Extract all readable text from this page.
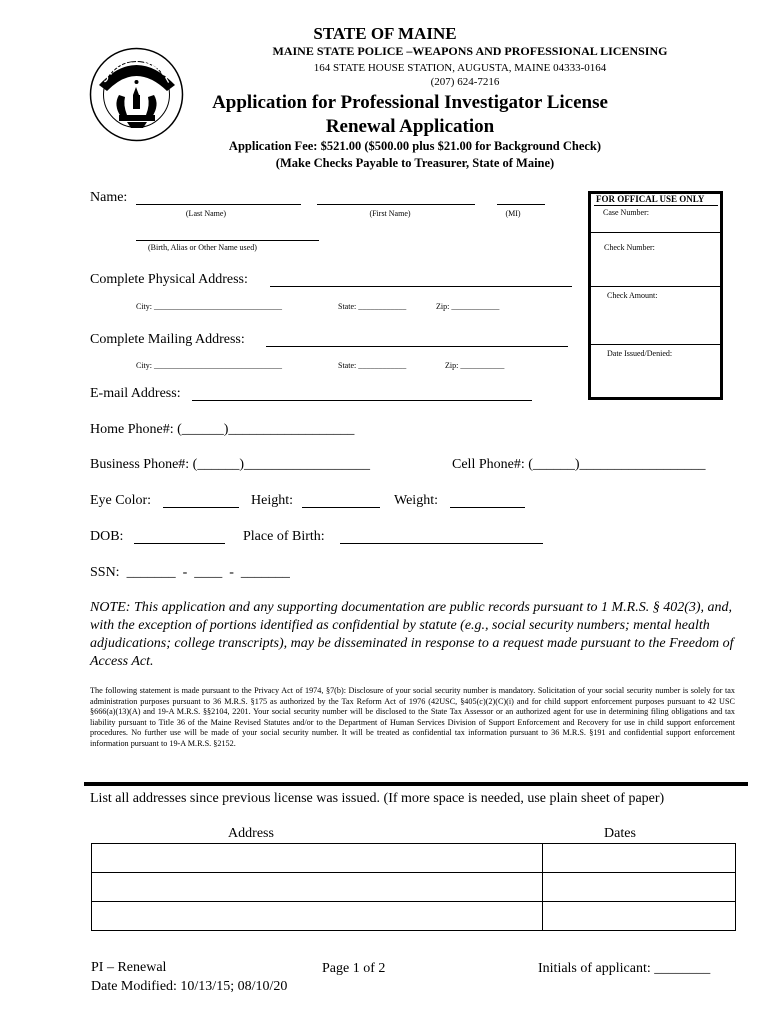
STATE POLICE
STATE OF MAINE
MAINE STATE POLICE –WEAPONS AND PROFESSIONAL LICENSING
164 STATE HOUSE STATION, AUGUSTA, MAINE 04333-0164
(207) 624-7216
Application for Professional Investigator License
Renewal Application
Application Fee: $521.00 ($500.00 plus $21.00 for Background Check)
(Make Checks Payable to Treasurer, State of Maine)
Name:
(Last Name)	(First Name)	(MI)
(Birth, Alias or Other Name used)
FOR OFFICAL USE ONLY
Case Number:
Check Number:
Check Amount:
Date Issued/Denied:
Complete Physical Address:
City: ________________________________	State: ____________	Zip: ____________
Complete Mailing Address:
City: ________________________________	State: ____________	Zip: ___________
E-mail Address:
Home Phone#: (______)__________________
Business Phone#: (______)__________________	Cell Phone#: (______)__________________
Eye Color:	Height:	Weight:
DOB:	Place of Birth:
SSN:  _______  -  ____  -  _______
NOTE: This application and any supporting documentation are public records pursuant to 1 M.R.S. § 402(3), and, with the exception of portions identified as confidential by statute (e.g., social security numbers; mental health adjudications; college transcripts), may be disseminated in response to a request made pursuant to the Freedom of Access Act.
The following statement is made pursuant to the Privacy Act of 1974, §7(b): Disclosure of your social security number is mandatory. Solicitation of your social security number is solely for tax administration purposes pursuant to 36 M.R.S. §175 as authorized by the Tax Reform Act of 1976 (42USC, §405(c)(2)(C)(i) and for child support enforcement purposes pursuant to 42 USC §666(a)(13)(A) and 19-A M.R.S. §§2104, 2201. Your social security number will be disclosed to the State Tax Assessor or an authorized agent for use in determining filing obligations and tax liability pursuant to Title 36 of the Maine Revised Statutes and/or to the Department of Human Services Division of Support Enforcement and Recovery for use in child support enforcement procedures. No further use will be made of your social security number. It will be treated as confidential tax information pursuant to 36 M.R.S. §191 and confidential support enforcement information pursuant to 19-A M.R.S. §2152.
List all addresses since previous license was issued. (If more space is needed, use plain sheet of paper)
Address	Dates

PI – Renewal
Date Modified: 10/13/15; 08/10/20
Page 1 of 2	Initials of applicant: ________
